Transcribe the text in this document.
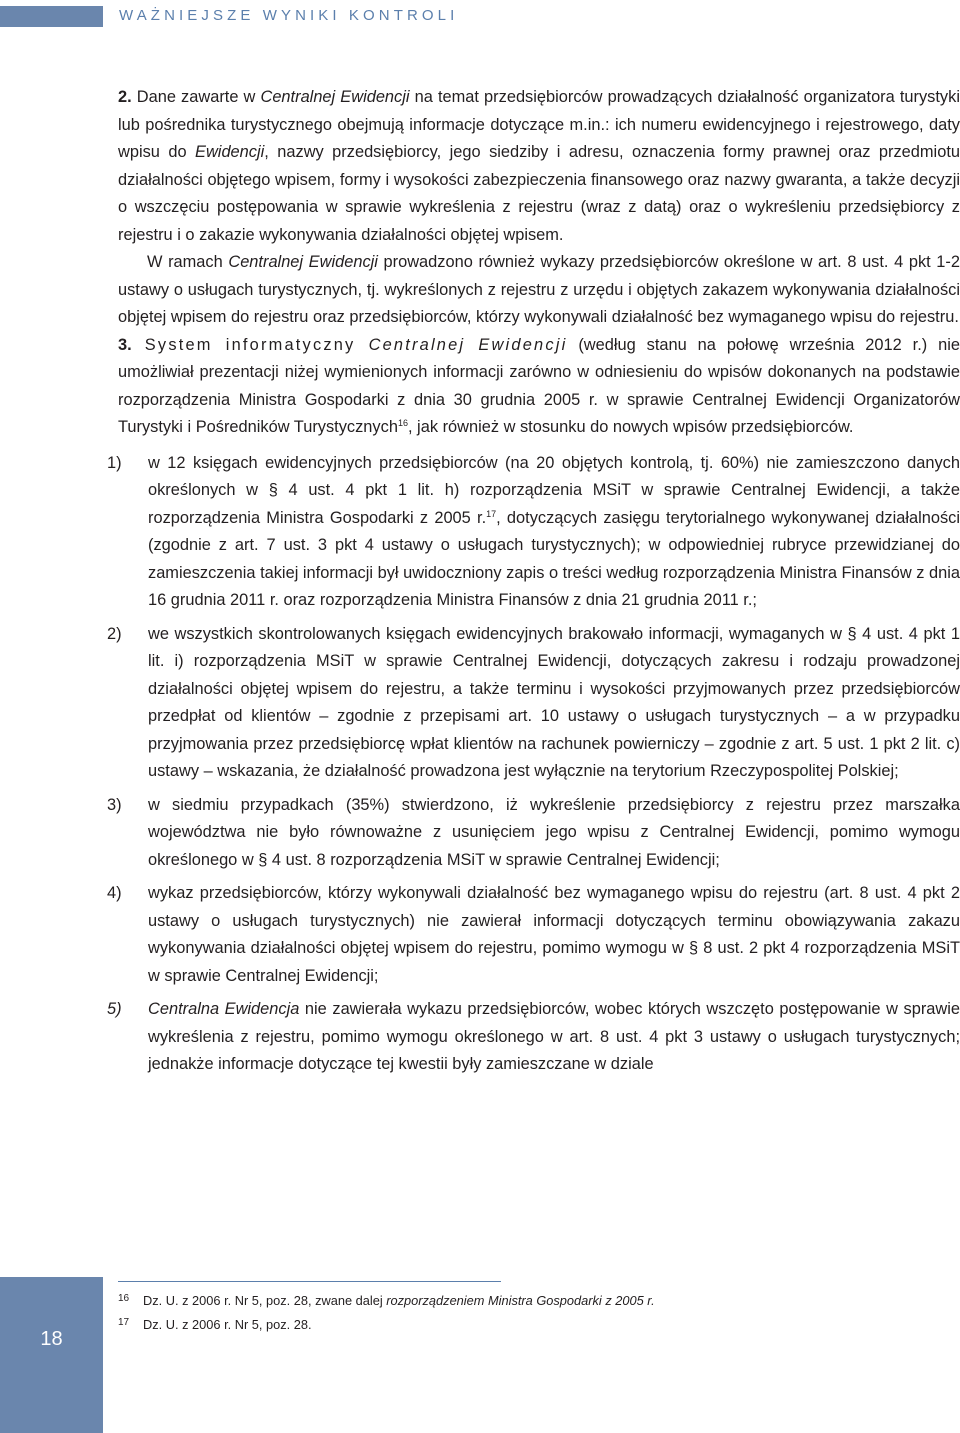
WAŻNIEJSZE WYNIKI KONTROLI

2. Dane zawarte w Centralnej Ewidencji na temat przedsiębiorców prowadzących działalność organizatora turystyki lub pośrednika turystycznego obejmują informacje dotyczące m.in.: ich numeru ewidencyjnego i rejestrowego, daty wpisu do Ewidencji, nazwy przedsiębiorcy, jego siedziby i adresu, oznaczenia formy prawnej oraz przedmiotu działalności objętego wpisem, formy i wysokości zabezpieczenia finansowego oraz nazwy gwaranta, a także decyzji o wszczęciu postępowania w sprawie wykreślenia z rejestru (wraz z datą) oraz o wykreśleniu przedsiębiorcy z rejestru i o zakazie wykonywania działalności objętej wpisem.

W ramach Centralnej Ewidencji prowadzono również wykazy przedsiębiorców określone w art. 8 ust. 4 pkt 1-2 ustawy o usługach turystycznych, tj. wykreślonych z rejestru z urzędu i objętych zakazem wykonywania działalności objętej wpisem do rejestru oraz przedsiębiorców, którzy wykonywali działalność bez wymaganego wpisu do rejestru.

3. System informatyczny Centralnej Ewidencji (według stanu na połowę września 2012 r.) nie umożliwiał prezentacji niżej wymienionych informacji zarówno w odniesieniu do wpisów dokonanych na podstawie rozporządzenia Ministra Gospodarki z dnia 30 grudnia 2005 r. w sprawie Centralnej Ewidencji Organizatorów Turystyki i Pośredników Turystycznych$^{16}$, jak również w stosunku do nowych wpisów przedsiębiorców.

1) w 12 księgach ewidencyjnych przedsiębiorców (na 20 objętych kontrolą, tj. 60%) nie zamieszczono danych określonych w § 4 ust. 4 pkt 1 lit. h) rozporządzenia MSiT w sprawie Centralnej Ewidencji, a także rozporządzenia Ministra Gospodarki z 2005 r.$^{17}$, dotyczących zasięgu terytorialnego wykonywanej działalności (zgodnie z art. 7 ust. 3 pkt 4 ustawy o usługach turystycznych); w odpowiedniej rubryce przewidzianej do zamieszczenia takiej informacji był uwidoczniony zapis o treści według rozporządzenia Ministra Finansów z dnia 16 grudnia 2011 r. oraz rozporządzenia Ministra Finansów z dnia 21 grudnia 2011 r.;
2) we wszystkich skontrolowanych księgach ewidencyjnych brakowało informacji, wymaganych w § 4 ust. 4 pkt 1 lit. i) rozporządzenia MSiT w sprawie Centralnej Ewidencji, dotyczących zakresu i rodzaju prowadzonej działalności objętej wpisem do rejestru, a także terminu i wysokości przyjmowanych przez przedsiębiorców przedpłat od klientów – zgodnie z przepisami art. 10 ustawy o usługach turystycznych – a w przypadku przyjmowania przez przedsiębiorcę wpłat klientów na rachunek powierniczy – zgodnie z art. 5 ust. 1 pkt 2 lit. c) ustawy – wskazania, że działalność prowadzona jest wyłącznie na terytorium Rzeczypospolitej Polskiej;
3) w siedmiu przypadkach (35%) stwierdzono, iż wykreślenie przedsiębiorcy z rejestru przez marszałka województwa nie było równoważne z usunięciem jego wpisu z Centralnej Ewidencji, pomimo wymogu określonego w § 4 ust. 8 rozporządzenia MSiT w sprawie Centralnej Ewidencji;
4) wykaz przedsiębiorców, którzy wykonywali działalność bez wymaganego wpisu do rejestru (art. 8 ust. 4 pkt 2 ustawy o usługach turystycznych) nie zawierał informacji dotyczących terminu obowiązywania zakazu wykonywania działalności objętej wpisem do rejestru, pomimo wymogu w § 8 ust. 2 pkt 4 rozporządzenia MSiT w sprawie Centralnej Ewidencji;
5) Centralna Ewidencja nie zawierała wykazu przedsiębiorców, wobec których wszczęto postępowanie w sprawie wykreślenia z rejestru, pomimo wymogu określonego w art. 8 ust. 4 pkt 3 ustawy o usługach turystycznych; jednakże informacje dotyczące tej kwestii były zamieszczane w dziale
16 Dz. U. z 2006 r. Nr 5, poz. 28, zwane dalej rozporządzeniem Ministra Gospodarki z 2005 r.
17 Dz. U. z 2006 r. Nr 5, poz. 28.
18
